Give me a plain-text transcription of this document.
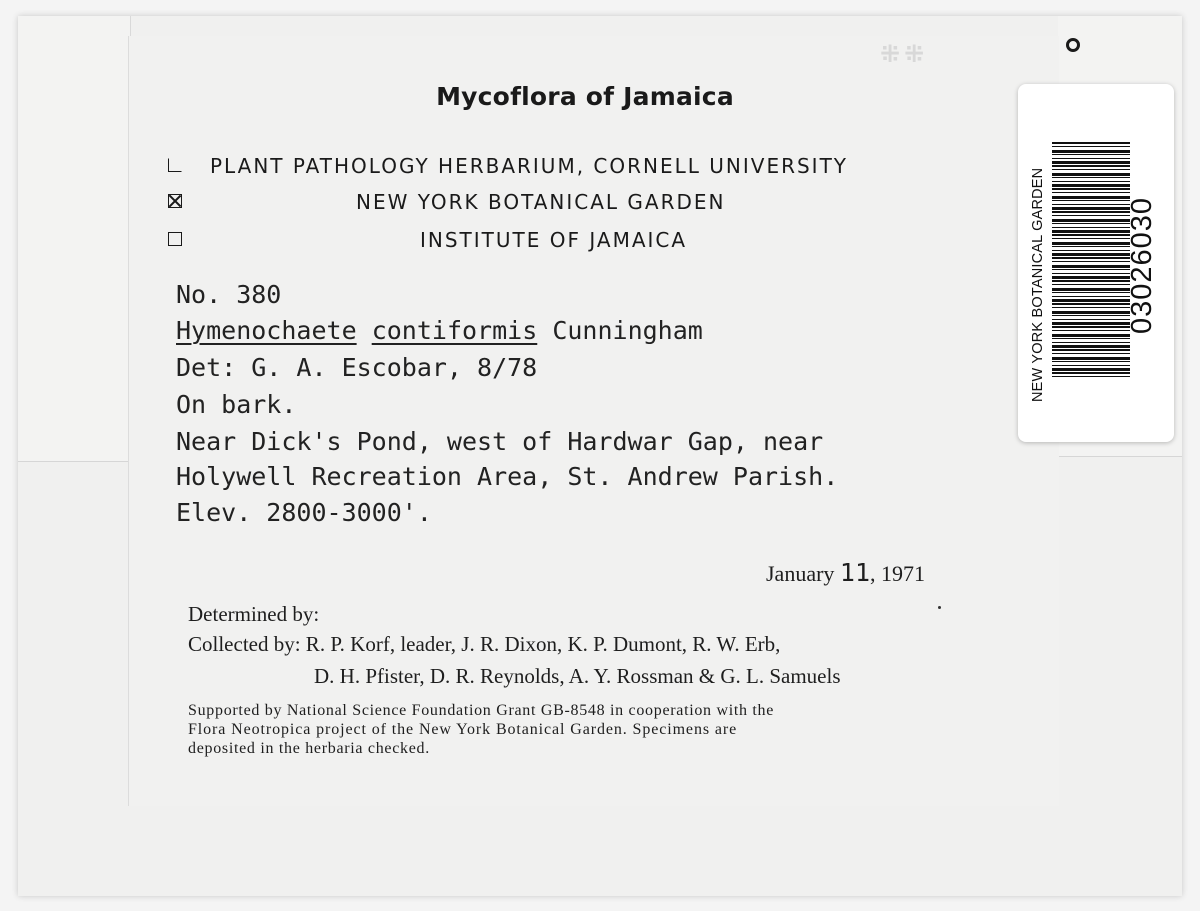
⁜⁜
Mycoflora of Jamaica
PLANT PATHOLOGY HERBARIUM, CORNELL UNIVERSITY
NEW YORK BOTANICAL GARDEN
INSTITUTE OF JAMAICA
No. 380
Hymenochaete contiformis Cunningham
Det: G. A. Escobar, 8/78
On bark.
Near Dick's Pond, west of Hardwar Gap, near
Holywell Recreation Area, St. Andrew Parish.
Elev. 2800-3000'.
January 11, 1971
Determined by:
Collected by: R. P. Korf, leader, J. R. Dixon, K. P. Dumont, R. W. Erb,
D. H. Pfister, D. R. Reynolds, A. Y. Rossman & G. L. Samuels
Supported by National Science Foundation Grant GB-8548 in cooperation with the
Flora Neotropica project of the New York Botanical Garden. Specimens are
deposited in the herbaria checked.
NEW YORK BOTANICAL GARDEN	03026030
